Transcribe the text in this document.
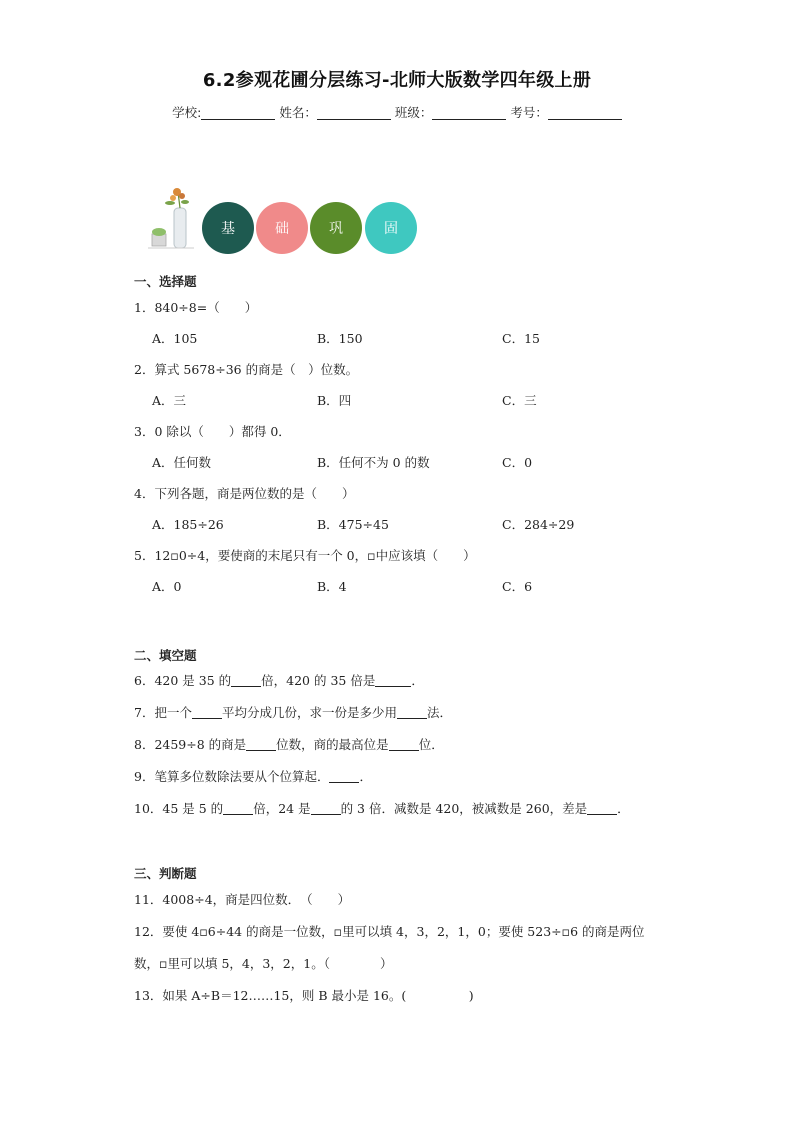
6.2参观花圃分层练习-北师大版数学四年级上册
学校:	姓名：	班级：	考号：
基	础	巩	固
一、选择题
1．840÷8=（　　）
A．105	B．150	C．15
2．算式 5678÷36 的商是（　）位数。
A．三	B．四	C．三
3．0 除以（　　）都得 0．
A．任何数	B．任何不为 0 的数	C．0
4．下列各题，商是两位数的是（　　）
A．185÷26	B．475÷45	C．284÷29
5．12▫0÷4，要使商的末尾只有一个 0，▫中应该填（　　）
A．0	B．4	C．6
二、填空题
6．420 是 35 的 倍，420 的 35 倍是	．
7．把一个 平均分成几份，求一份是多少用 法．
8．2459÷8 的商是 位数，商的最高位是 位．
9．笔算多位数除法要从个位算起． ．
10．45 是 5 的 倍，24 是 的 3 倍．减数是 420，被减数是 260，差是 ．
三、判断题
11．4008÷4，商是四位数．　（　　）
12．要使 4▫6÷44 的商是一位数，▫里可以填 4，3，2，1，0；要使 523÷▫6 的商是两位
数，▫里可以填 5，4，3，2，1。（　　　　）
13．如果 A÷B＝12……15，则 B 最小是 16。(　　　　　)
